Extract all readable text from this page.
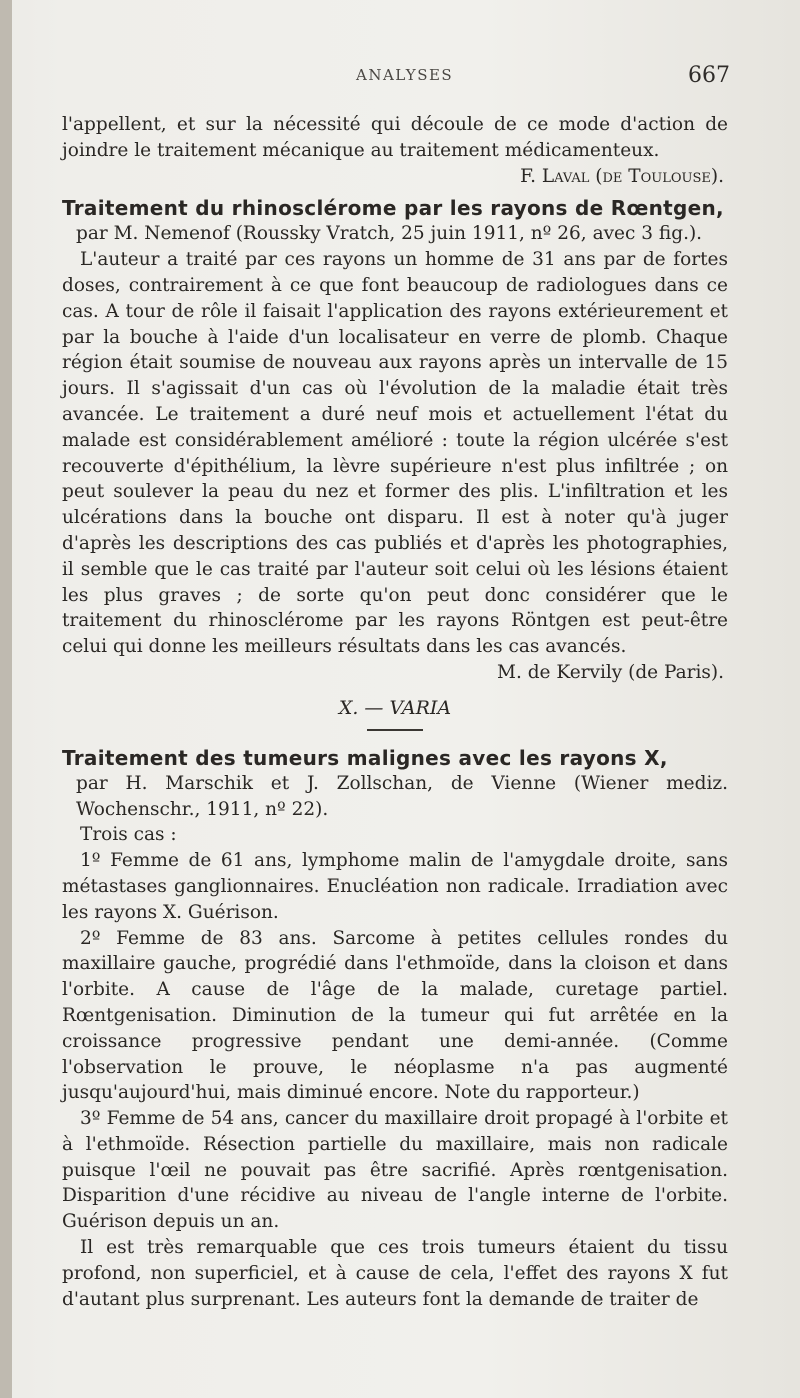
ANALYSES	667

l'appellent, et sur la nécessité qui découle de ce mode d'action de joindre le traitement mécanique au traitement médicamenteux.

F. Laval (de Toulouse).

Traitement du rhinosclérome par les rayons de Rœntgen,

par M. Nemenof (Roussky Vratch, 25 juin 1911, nº 26, avec 3 fig.).

L'auteur a traité par ces rayons un homme de 31 ans par de fortes doses, contrairement à ce que font beaucoup de radiologues dans ce cas. A tour de rôle il faisait l'application des rayons extérieurement et par la bouche à l'aide d'un localisateur en verre de plomb. Chaque région était soumise de nouveau aux rayons après un intervalle de 15 jours. Il s'agissait d'un cas où l'évolution de la maladie était très avancée. Le traitement a duré neuf mois et actuellement l'état du malade est considérablement amélioré : toute la région ulcérée s'est recouverte d'épithélium, la lèvre supérieure n'est plus infiltrée ; on peut soulever la peau du nez et former des plis. L'infiltration et les ulcérations dans la bouche ont disparu. Il est à noter qu'à juger d'après les descriptions des cas publiés et d'après les photographies, il semble que le cas traité par l'auteur soit celui où les lésions étaient les plus graves ; de sorte qu'on peut donc considérer que le traitement du rhinosclérome par les rayons Röntgen est peut-être celui qui donne les meilleurs résultats dans les cas avancés.

M. de Kervily (de Paris).

X. — VARIA
Traitement des tumeurs malignes avec les rayons X,

par H. Marschik et J. Zollschan, de Vienne (Wiener mediz. Wochenschr., 1911, nº 22).

Trois cas :

1º Femme de 61 ans, lymphome malin de l'amygdale droite, sans métastases ganglionnaires. Enucléation non radicale. Irradiation avec les rayons X. Guérison.

2º Femme de 83 ans. Sarcome à petites cellules rondes du maxillaire gauche, progrédié dans l'ethmoïde, dans la cloison et dans l'orbite. A cause de l'âge de la malade, curetage partiel. Rœntgenisation. Diminution de la tumeur qui fut arrêtée en la croissance progressive pendant une demi-année. (Comme l'observation le prouve, le néoplasme n'a pas augmenté jusqu'aujourd'hui, mais diminué encore. Note du rapporteur.)

3º Femme de 54 ans, cancer du maxillaire droit propagé à l'orbite et à l'ethmoïde. Résection partielle du maxillaire, mais non radicale puisque l'œil ne pouvait pas être sacrifié. Après rœntgenisation. Disparition d'une récidive au niveau de l'angle interne de l'orbite. Guérison depuis un an.

Il est très remarquable que ces trois tumeurs étaient du tissu profond, non superficiel, et à cause de cela, l'effet des rayons X fut d'autant plus surprenant. Les auteurs font la demande de traiter de
